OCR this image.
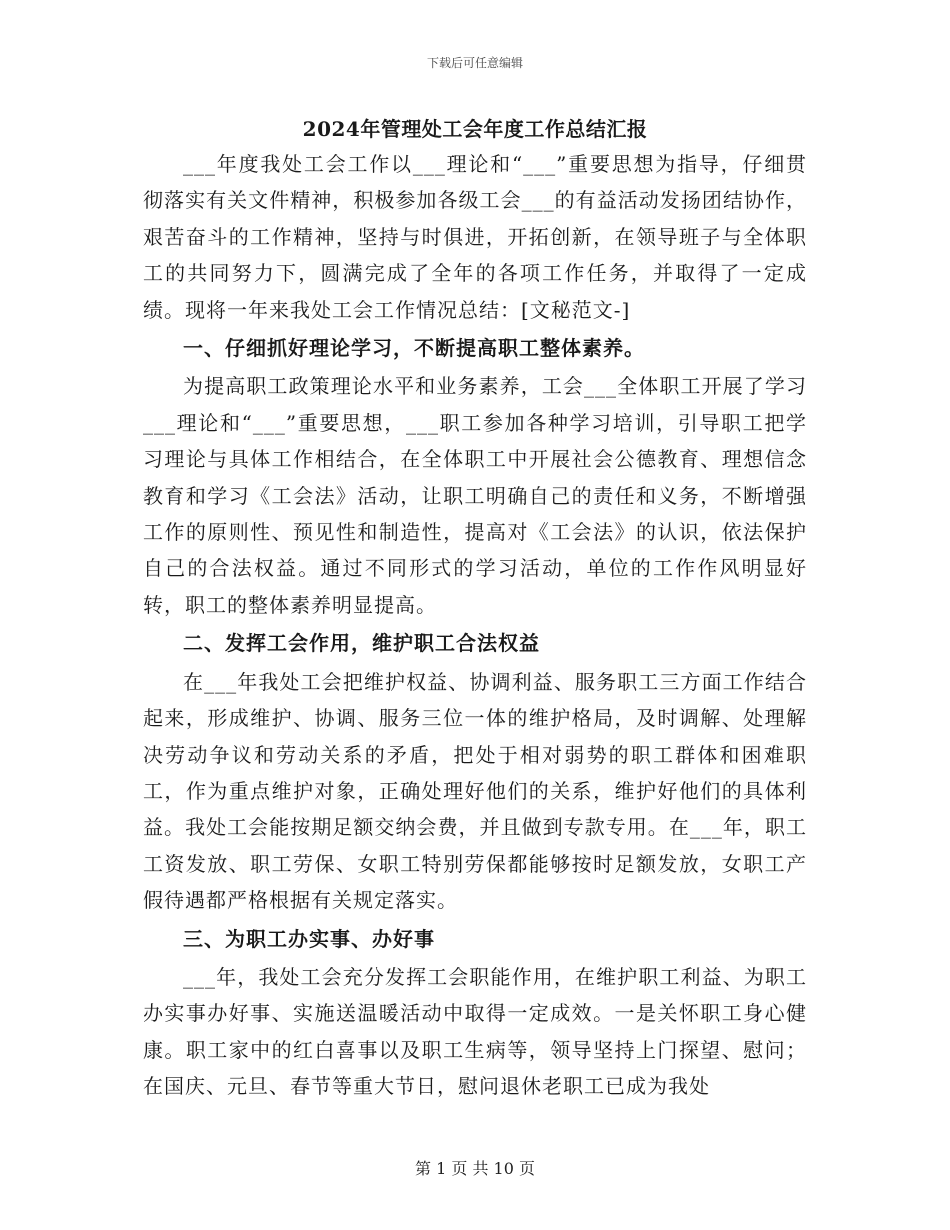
下载后可任意编辑
2024年管理处工会年度工作总结汇报

___年度我处工会工作以___理论和“___”重要思想为指导，仔细贯彻落实有关文件精神，积极参加各级工会___的有益活动发扬团结协作，艰苦奋斗的工作精神，坚持与时俱进，开拓创新，在领导班子与全体职工的共同努力下，圆满完成了全年的各项工作任务，并取得了一定成绩。现将一年来我处工会工作情况总结：[文秘范文-]

一、仔细抓好理论学习，不断提高职工整体素养。

为提高职工政策理论水平和业务素养，工会___全体职工开展了学习___理论和“___”重要思想，___职工参加各种学习培训，引导职工把学习理论与具体工作相结合，在全体职工中开展社会公德教育、理想信念教育和学习《工会法》活动，让职工明确自己的责任和义务，不断增强工作的原则性、预见性和制造性，提高对《工会法》的认识，依法保护自己的合法权益。通过不同形式的学习活动，单位的工作作风明显好转，职工的整体素养明显提高。

二、发挥工会作用，维护职工合法权益

在___年我处工会把维护权益、协调利益、服务职工三方面工作结合起来，形成维护、协调、服务三位一体的维护格局，及时调解、处理解决劳动争议和劳动关系的矛盾，把处于相对弱势的职工群体和困难职工，作为重点维护对象，正确处理好他们的关系，维护好他们的具体利益。我处工会能按期足额交纳会费，并且做到专款专用。在___年，职工工资发放、职工劳保、女职工特别劳保都能够按时足额发放，女职工产假待遇都严格根据有关规定落实。

三、为职工办实事、办好事

___年，我处工会充分发挥工会职能作用，在维护职工利益、为职工办实事办好事、实施送温暖活动中取得一定成效。一是关怀职工身心健康。职工家中的红白喜事以及职工生病等，领导坚持上门探望、慰问；在国庆、元旦、春节等重大节日，慰问退休老职工已成为我处

第 1 页 共 10 页
